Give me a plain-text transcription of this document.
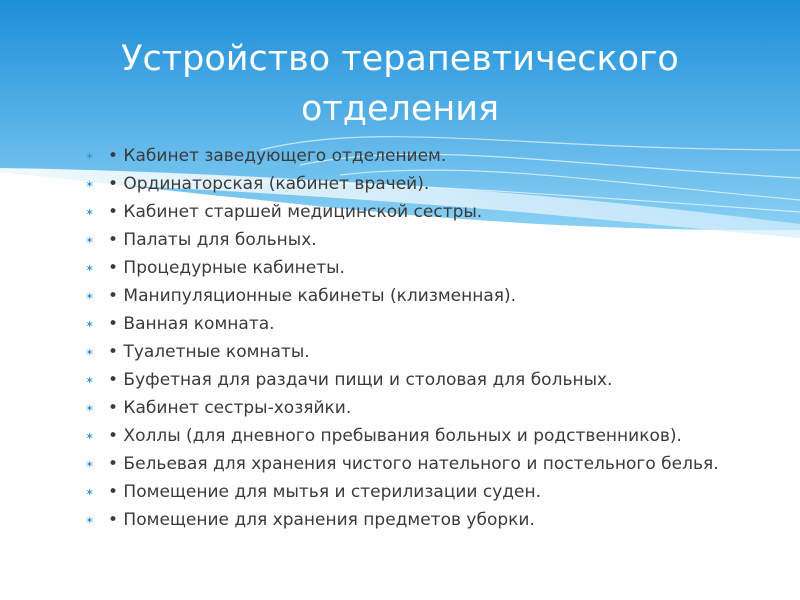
Устройство терапевтического отделения
✶ • Кабинет заведующего отделением.
✶ • Ординаторская (кабинет врачей).
✶ • Кабинет старшей медицинской сестры.
✶ • Палаты для больных.
✶ • Процедурные кабинеты.
✶ • Манипуляционные кабинеты (клизменная).
✶ • Ванная комната.
✶ • Туалетные комнаты.
✶ • Буфетная для раздачи пищи и столовая для больных.
✶ • Кабинет сестры-хозяйки.
✶ • Холлы (для дневного пребывания больных и родственников).
✶ • Бельевая для хранения чистого нательного и постельного белья.
✶ • Помещение для мытья и стерилизации суден.
✶ • Помещение для хранения предметов уборки.
